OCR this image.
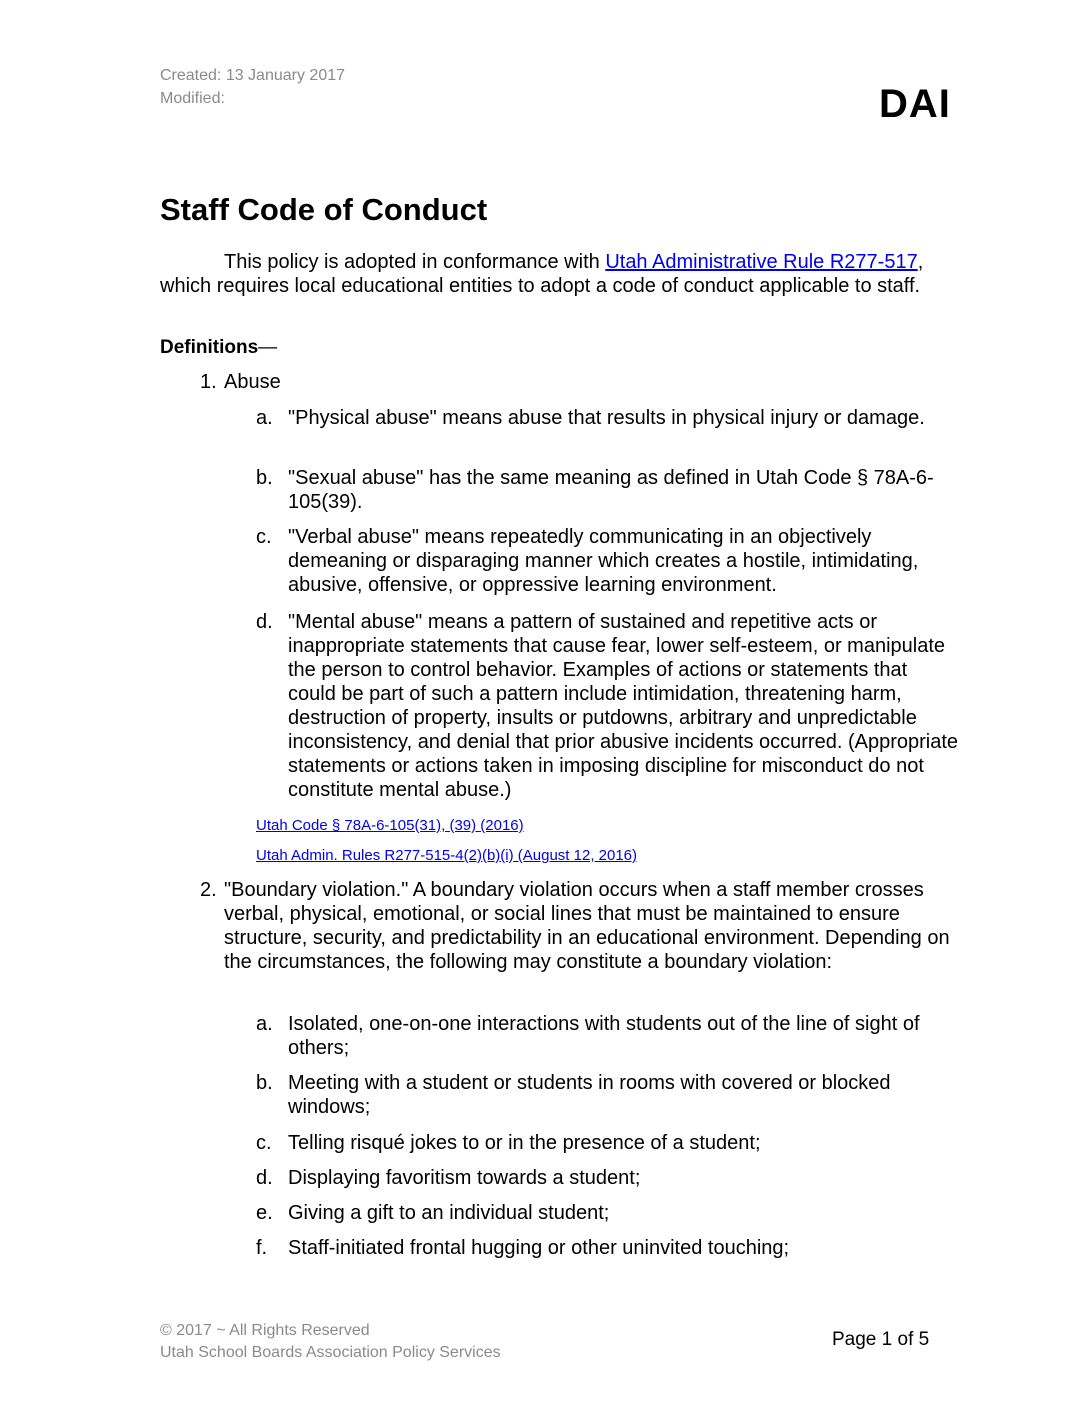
Created: 13 January 2017
Modified:	DAI
Staff Code of Conduct

This policy is adopted in conformance with Utah Administrative Rule R277-517, which requires local educational entities to adopt a code of conduct applicable to staff.

Definitions—
1. Abuse
a. "Physical abuse" means abuse that results in physical injury or damage.
b. "Sexual abuse" has the same meaning as defined in Utah Code § 78A-6-105(39).
c. "Verbal abuse" means repeatedly communicating in an objectively demeaning or disparaging manner which creates a hostile, intimidating, abusive, offensive, or oppressive learning environment.
d. "Mental abuse" means a pattern of sustained and repetitive acts or inappropriate statements that cause fear, lower self-esteem, or manipulate the person to control behavior. Examples of actions or statements that could be part of such a pattern include intimidation, threatening harm, destruction of property, insults or putdowns, arbitrary and unpredictable inconsistency, and denial that prior abusive incidents occurred. (Appropriate statements or actions taken in imposing discipline for misconduct do not constitute mental abuse.)
Utah Code § 78A-6-105(31), (39) (2016)
Utah Admin. Rules R277-515-4(2)(b)(i) (August 12, 2016)
2. "Boundary violation." A boundary violation occurs when a staff member crosses verbal, physical, emotional, or social lines that must be maintained to ensure structure, security, and predictability in an educational environment. Depending on the circumstances, the following may constitute a boundary violation:
a. Isolated, one-on-one interactions with students out of the line of sight of others;
b. Meeting with a student or students in rooms with covered or blocked windows;
c. Telling risqué jokes to or in the presence of a student;
d. Displaying favoritism towards a student;
e. Giving a gift to an individual student;
f. Staff-initiated frontal hugging or other uninvited touching;
© 2017 ~ All Rights Reserved
Utah School Boards Association Policy Services
Page 1 of 5
